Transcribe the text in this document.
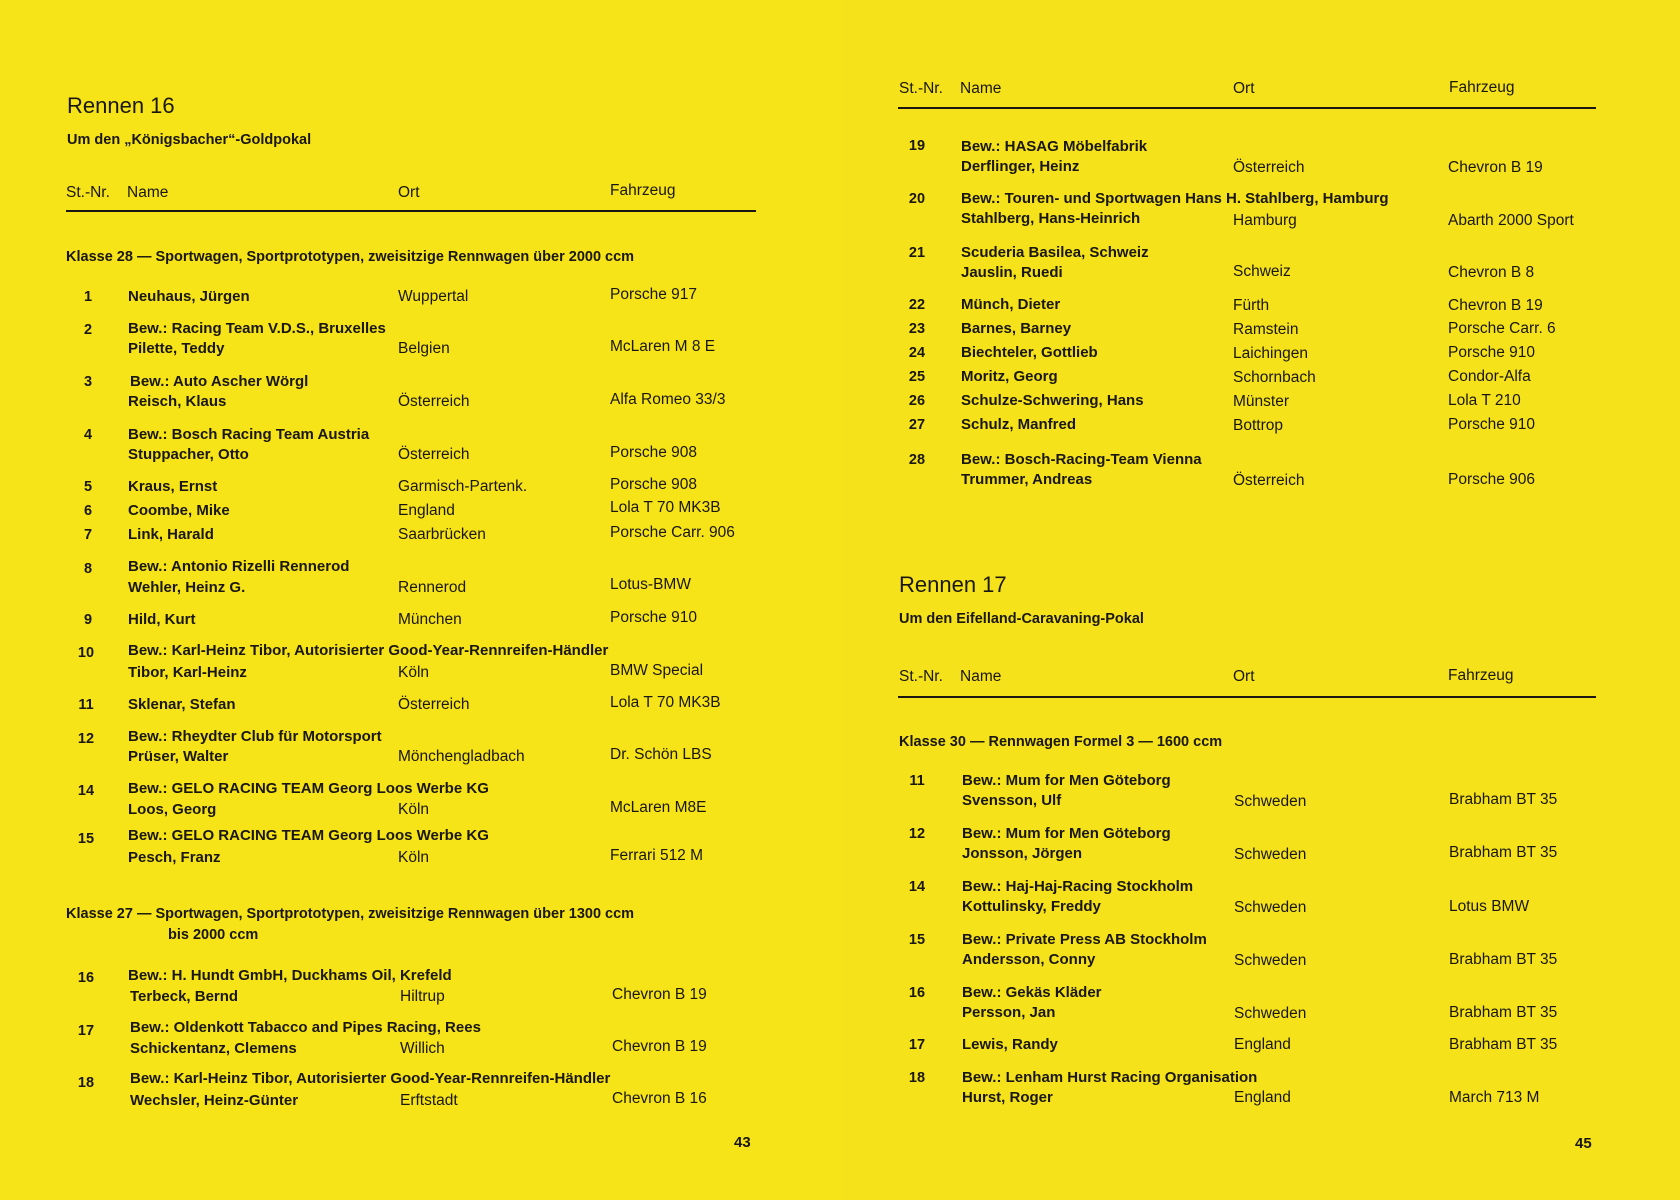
Rennen 16
Um den „Königsbacher“-Goldpokal
St.-Nr. Name	Ort	Fahrzeug
Klasse 28 — Sportwagen, Sportprototypen, zweisitzige Rennwagen über 2000 ccm
1	Neuhaus, Jürgen	Wuppertal	Porsche 917
2	Bew.: Racing Team V.D.S., Bruxelles
Pilette, Teddy	Belgien	McLaren M 8 E
3	Bew.: Auto Ascher Wörgl
Reisch, Klaus	Österreich	Alfa Romeo 33/3
4	Bew.: Bosch Racing Team Austria
Stuppacher, Otto	Österreich	Porsche 908
5	Kraus, Ernst	Garmisch-Partenk.	Porsche 908
6	Coombe, Mike	England	Lola T 70 MK3B
7	Link, Harald	Saarbrücken	Porsche Carr. 906
8	Bew.: Antonio Rizelli Rennerod
Wehler, Heinz G.	Rennerod	Lotus-BMW
9	Hild, Kurt	München	Porsche 910
10	Bew.: Karl-Heinz Tibor, Autorisierter Good-Year-Rennreifen-Händler
Tibor, Karl-Heinz	Köln	BMW Special
11	Sklenar, Stefan	Österreich	Lola T 70 MK3B
12	Bew.: Rheydter Club für Motorsport
Prüser, Walter	Mönchengladbach	Dr. Schön LBS
14	Bew.: GELO RACING TEAM Georg Loos Werbe KG
Loos, Georg	Köln	McLaren M8E
15	Bew.: GELO RACING TEAM Georg Loos Werbe KG
Pesch, Franz	Köln	Ferrari 512 M
Klasse 27 — Sportwagen, Sportprototypen, zweisitzige Rennwagen über 1300 ccm
bis 2000 ccm
16	Bew.: H. Hundt GmbH, Duckhams Oil, Krefeld
Terbeck, Bernd	Hiltrup	Chevron B 19
17	Bew.: Oldenkott Tabacco and Pipes Racing, Rees
Schickentanz, Clemens	Willich	Chevron B 19
18	Bew.: Karl-Heinz Tibor, Autorisierter Good-Year-Rennreifen-Händler
Wechsler, Heinz-Günter	Erftstadt	Chevron B 16
43
St.-Nr. Name	Ort	Fahrzeug
19	Bew.: HASAG Möbelfabrik
Derflinger, Heinz	Österreich	Chevron B 19
20	Bew.: Touren- und Sportwagen Hans H. Stahlberg, Hamburg
Stahlberg, Hans-Heinrich	Hamburg	Abarth 2000 Sport
21	Scuderia Basilea, Schweiz
Jauslin, Ruedi	Schweiz	Chevron B 8
22	Münch, Dieter	Fürth	Chevron B 19
23	Barnes, Barney	Ramstein	Porsche Carr. 6
24	Biechteler, Gottlieb	Laichingen	Porsche 910
25	Moritz, Georg	Schornbach	Condor-Alfa
26	Schulze-Schwering, Hans	Münster	Lola T 210
27	Schulz, Manfred	Bottrop	Porsche 910
28	Bew.: Bosch-Racing-Team Vienna
Trummer, Andreas	Österreich	Porsche 906
Rennen 17
Um den Eifelland-Caravaning-Pokal
St.-Nr. Name	Ort	Fahrzeug
Klasse 30 — Rennwagen Formel 3 — 1600 ccm
11	Bew.: Mum for Men Göteborg
Svensson, Ulf	Schweden	Brabham BT 35
12	Bew.: Mum for Men Göteborg
Jonsson, Jörgen	Schweden	Brabham BT 35
14	Bew.: Haj-Haj-Racing Stockholm
Kottulinsky, Freddy	Schweden	Lotus BMW
15	Bew.: Private Press AB Stockholm
Andersson, Conny	Schweden	Brabham BT 35
16	Bew.: Gekäs Kläder
Persson, Jan	Schweden	Brabham BT 35
17	Lewis, Randy	England	Brabham BT 35
18	Bew.: Lenham Hurst Racing Organisation
Hurst, Roger	England	March 713 M
45
